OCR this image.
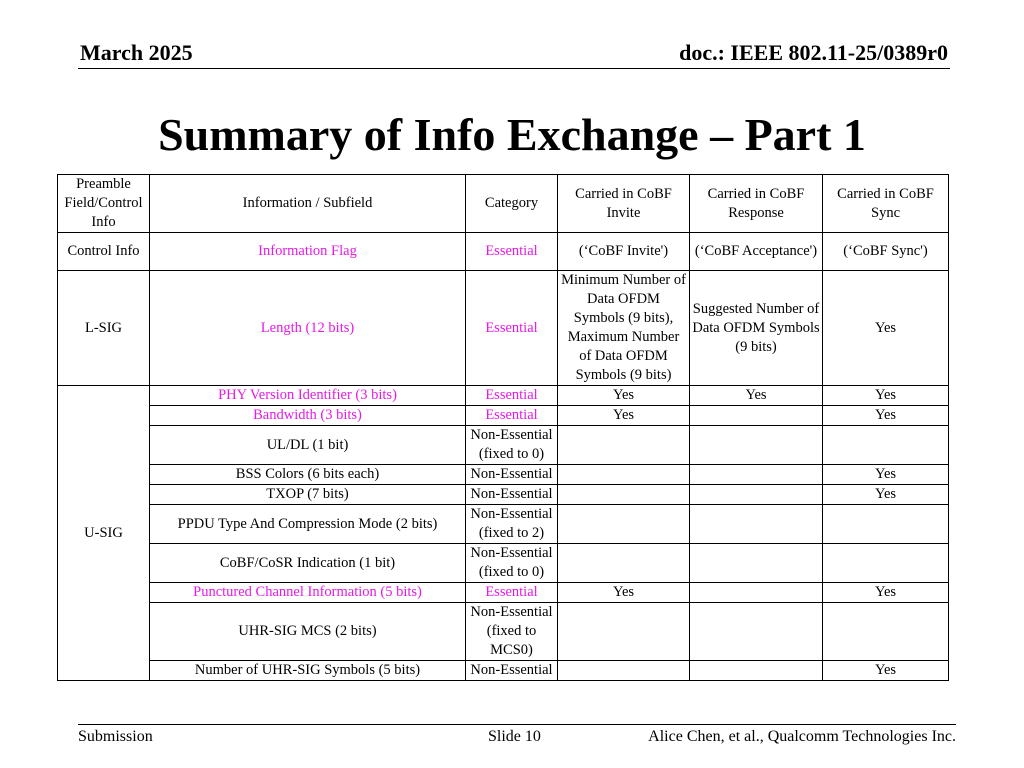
March 2025	doc.: IEEE 802.11-25/0389r0
Summary of Info Exchange – Part 1
Preamble Field/Control Info	Information / Subfield	Category	Carried in CoBF Invite	Carried in CoBF Response	Carried in CoBF Sync
Control Info	Information Flag	Essential	(‘CoBF Invite')	(‘CoBF Acceptance')	(‘CoBF Sync')
L-SIG	Length (12 bits)	Essential	Minimum Number of Data OFDM Symbols (9 bits), Maximum Number of Data OFDM Symbols (9 bits)	Suggested Number of Data OFDM Symbols (9 bits)	Yes
U-SIG	PHY Version Identifier (3 bits)	Essential	Yes	Yes	Yes
	Bandwidth (3 bits)	Essential	Yes		Yes
	UL/DL (1 bit)	Non-Essential (fixed to 0)			
	BSS Colors (6 bits each)	Non-Essential			Yes
	TXOP (7 bits)	Non-Essential			Yes
	PPDU Type And Compression Mode (2 bits)	Non-Essential (fixed to 2)			
	CoBF/CoSR Indication (1 bit)	Non-Essential (fixed to 0)			
	Punctured Channel Information (5 bits)	Essential	Yes		Yes
	UHR-SIG MCS (2 bits)	Non-Essential (fixed to MCS0)			
	Number of UHR-SIG Symbols (5 bits)	Non-Essential			Yes
Submission	Slide 10	Alice Chen, et al., Qualcomm Technologies Inc.
